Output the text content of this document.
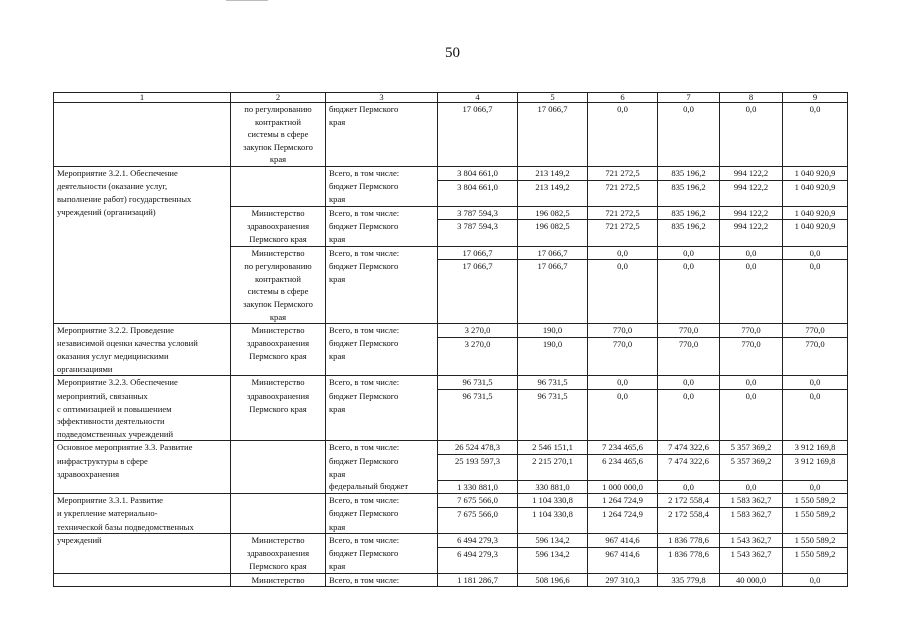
50
1	2	3	4	5	6	7	8	9
	по регулированию	бюджет Пермского	17 066,7	17 066,7	0,0	0,0	0,0	0,0
	контрактной	края						
	системы в сфере							
	закупок Пермского							
	края							
Мероприятие 3.2.1. Обеспечение		Всего, в том числе:	3 804 661,0	213 149,2	721 272,5	835 196,2	994 122,2	1 040 920,9
деятельности (оказание услуг,		бюджет Пермского	3 804 661,0	213 149,2	721 272,5	835 196,2	994 122,2	1 040 920,9
выполнение работ) государственных		края						
учреждений (организаций)	Министерство	Всего, в том числе:	3 787 594,3	196 082,5	721 272,5	835 196,2	994 122,2	1 040 920,9
	здравоохранения	бюджет Пермского	3 787 594,3	196 082,5	721 272,5	835 196,2	994 122,2	1 040 920,9
	Пермского края	края						
	Министерство	Всего, в том числе:	17 066,7	17 066,7	0,0	0,0	0,0	0,0
	по регулированию	бюджет Пермского	17 066,7	17 066,7	0,0	0,0	0,0	0,0
	контрактной	края						
	системы в сфере							
	закупок Пермского							
	края							
Мероприятие 3.2.2. Проведение	Министерство	Всего, в том числе:	3 270,0	190,0	770,0	770,0	770,0	770,0
независимой оценки качества условий	здравоохранения	бюджет Пермского	3 270,0	190,0	770,0	770,0	770,0	770,0
оказания услуг медицинскими	Пермского края	края						
организациями								
Мероприятие 3.2.3. Обеспечение	Министерство	Всего, в том числе:	96 731,5	96 731,5	0,0	0,0	0,0	0,0
мероприятий, связанных	здравоохранения	бюджет Пермского	96 731,5	96 731,5	0,0	0,0	0,0	0,0
с оптимизацией и повышением	Пермского края	края						
эффективности деятельности								
подведомственных учреждений								
Основное мероприятие 3.3. Развитие		Всего, в том числе:	26 524 478,3	2 546 151,1	7 234 465,6	7 474 322,6	5 357 369,2	3 912 169,8
инфраструктуры в сфере		бюджет Пермского	25 193 597,3	2 215 270,1	6 234 465,6	7 474 322,6	5 357 369,2	3 912 169,8
здравоохранения		края						
		федеральный бюджет	1 330 881,0	330 881,0	1 000 000,0	0,0	0,0	0,0
Мероприятие 3.3.1. Развитие		Всего, в том числе:	7 675 566,0	1 104 330,8	1 264 724,9	2 172 558,4	1 583 362,7	1 550 589,2
и укрепление материально-		бюджет Пермского	7 675 566,0	1 104 330,8	1 264 724,9	2 172 558,4	1 583 362,7	1 550 589,2
технической базы подведомственных		края						
учреждений	Министерство	Всего, в том числе:	6 494 279,3	596 134,2	967 414,6	1 836 778,6	1 543 362,7	1 550 589,2
	здравоохранения	бюджет Пермского	6 494 279,3	596 134,2	967 414,6	1 836 778,6	1 543 362,7	1 550 589,2
	Пермского края	края						
	Министерство	Всего, в том числе:	1 181 286,7	508 196,6	297 310,3	335 779,8	40 000,0	0,0
